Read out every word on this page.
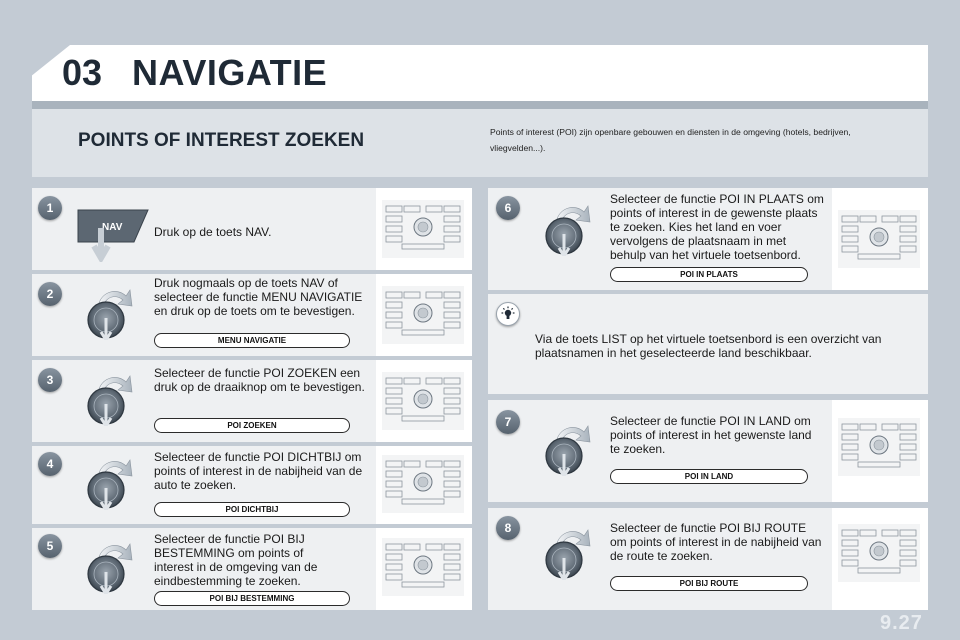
03 NAVIGATIE
POINTS OF INTEREST ZOEKEN	Points of interest (POI) zijn openbare gebouwen en diensten in de omgeving (hotels, bedrijven, vliegvelden...).
1
NAV	Druk op de toets NAV.
2
Druk nogmaals op de toets NAV of selecteer de functie MENU NAVIGATIE en druk op de toets om te bevestigen.
MENU NAVIGATIE
3	Selecteer de functie POI ZOEKEN een druk op de draaiknop om te bevestigen.
POI ZOEKEN
4	Selecteer de functie POI DICHTBIJ om points of interest in de nabijheid van de auto te zoeken.
POI DICHTBIJ
5	Selecteer de functie POI BIJ BESTEMMING om points of interest in de omgeving van de eindbestemming te zoeken.
POI BIJ BESTEMMING
6
Selecteer de functie POI IN PLAATS om points of interest in de gewenste plaats te zoeken. Kies het land en voer vervolgens de plaatsnaam in met behulp van het virtuele toetsenbord.
POI IN PLAATS
Via de toets LIST op het virtuele toetsenbord is een overzicht van plaatsnamen in het geselecteerde land beschikbaar.
7	Selecteer de functie POI IN LAND om points of interest in het gewenste land te zoeken.
POI IN LAND
8	Selecteer de functie POI BIJ ROUTE om points of interest in de nabijheid van de route te zoeken.
POI BIJ ROUTE
9.27
